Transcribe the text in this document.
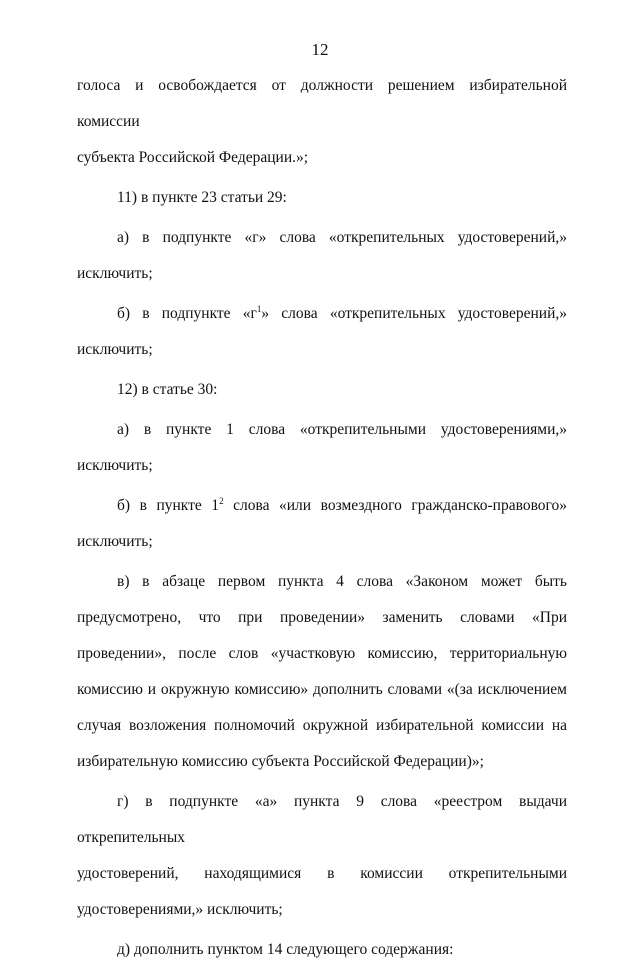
12
голоса и освобождается от должности решением избирательной комиссии
субъекта Российской Федерации.»;
11) в пункте 23 статьи 29:
а) в подпункте «г» слова «открепительных удостоверений,»
исключить;
б) в подпункте «$г^1$» слова «открепительных удостоверений,»
исключить;
12) в статье 30:
а) в пункте 1 слова «открепительными удостоверениями,»
исключить;
б) в пункте $1^2$ слова «или возмездного гражданско-правового»
исключить;
в) в абзаце первом пункта 4 слова «Законом может быть
предусмотрено, что при проведении» заменить словами «При
проведении», после слов «участковую комиссию, территориальную
комиссию и окружную комиссию» дополнить словами «(за исключением
случая возложения полномочий окружной избирательной комиссии на
избирательную комиссию субъекта Российской Федерации)»;
г) в подпункте «а» пункта 9 слова «реестром выдачи открепительных
удостоверений, находящимися в комиссии открепительными
удостоверениями,» исключить;
д) дополнить пунктом 14 следующего содержания:
